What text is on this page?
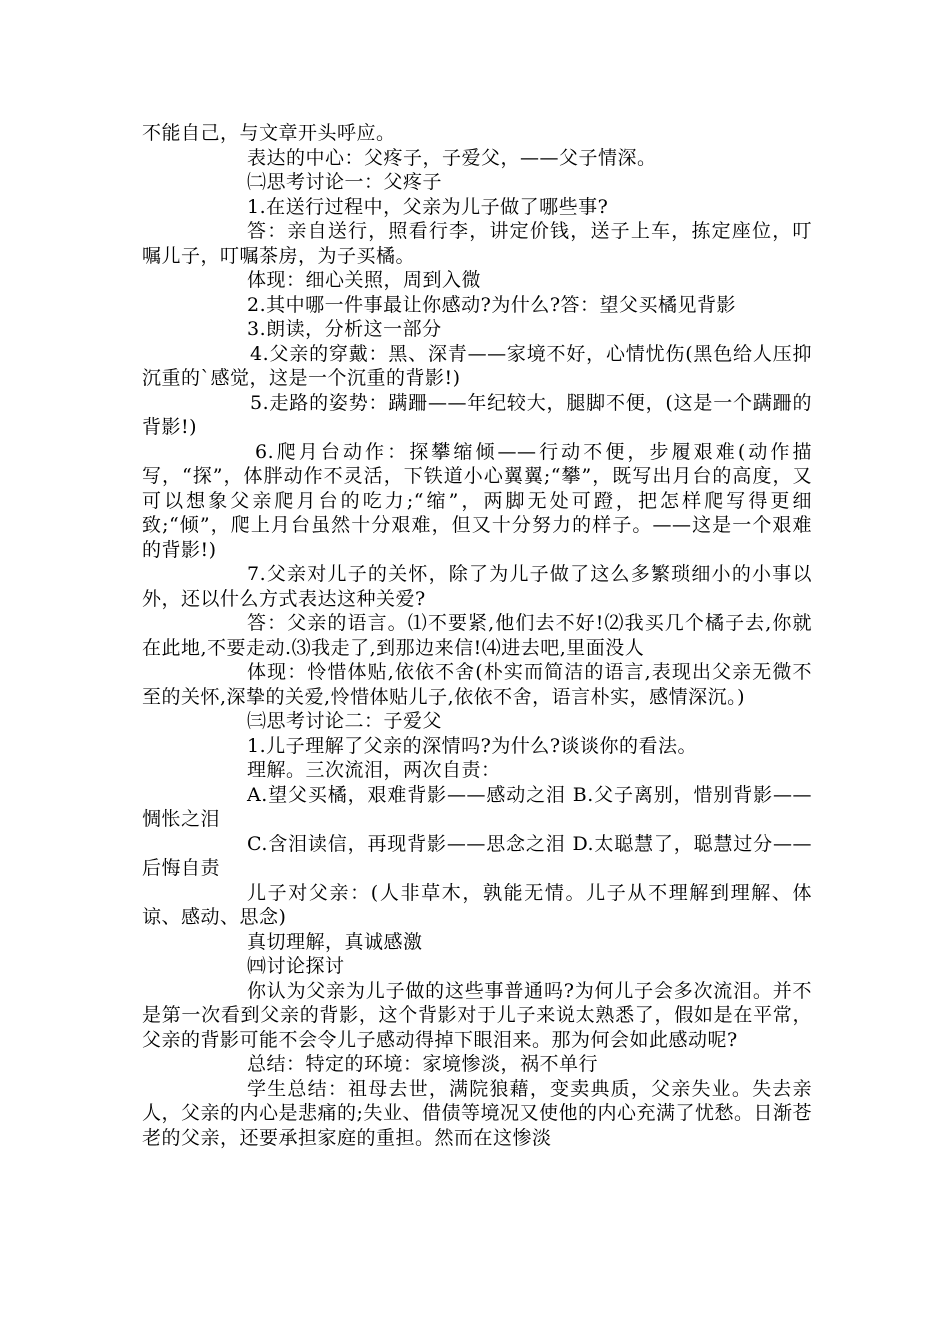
不能自己，与文章开头呼应。

表达的中心：父疼子，子爱父，——父子情深。

㈡思考讨论一：父疼子

1.在送行过程中，父亲为儿子做了哪些事?

答：亲自送行，照看行李，讲定价钱，送子上车，拣定座位，叮嘱儿子，叮嘱茶房，为子买橘。

体现：细心关照，周到入微

2.其中哪一件事最让你感动?为什么?答：望父买橘见背影

3.朗读，分析这一部分

4.父亲的穿戴：黑、深青——家境不好，心情忧伤(黑色给人压抑沉重的`感觉，这是一个沉重的背影!)

5.走路的姿势：蹒跚——年纪较大，腿脚不便，(这是一个蹒跚的背影!)

6.爬月台动作：探攀缩倾——行动不便，步履艰难(动作描写，“探”，体胖动作不灵活，下铁道小心翼翼;“攀”，既写出月台的高度，又可以想象父亲爬月台的吃力;“缩”，两脚无处可蹬，把怎样爬写得更细致;“倾”，爬上月台虽然十分艰难，但又十分努力的样子。——这是一个艰难的背影!)

7.父亲对儿子的关怀，除了为儿子做了这么多繁琐细小的小事以外，还以什么方式表达这种关爱?

答：父亲的语言。⑴不要紧,他们去不好!⑵我买几个橘子去,你就在此地,不要走动.⑶我走了,到那边来信!⑷进去吧,里面没人

体现：怜惜体贴,依依不舍(朴实而简洁的语言,表现出父亲无微不至的关怀,深挚的关爱,怜惜体贴儿子,依依不舍，语言朴实，感情深沉。)

㈢思考讨论二：子爱父

1.儿子理解了父亲的深情吗?为什么?谈谈你的看法。

理解。三次流泪，两次自责：

A.望父买橘，艰难背影——感动之泪 B.父子离别，惜别背影——惆怅之泪

C.含泪读信，再现背影——思念之泪 D.太聪慧了，聪慧过分——后悔自责

儿子对父亲：(人非草木，孰能无情。儿子从不理解到理解、体谅、感动、思念)

真切理解，真诚感激

㈣讨论探讨

你认为父亲为儿子做的这些事普通吗?为何儿子会多次流泪。并不是第一次看到父亲的背影，这个背影对于儿子来说太熟悉了，假如是在平常，父亲的背影可能不会令儿子感动得掉下眼泪来。那为何会如此感动呢?

总结：特定的环境：家境惨淡，祸不单行

学生总结：祖母去世，满院狼藉，变卖典质，父亲失业。失去亲人，父亲的内心是悲痛的;失业、借债等境况又使他的内心充满了忧愁。日渐苍老的父亲，还要承担家庭的重担。然而在这惨淡
